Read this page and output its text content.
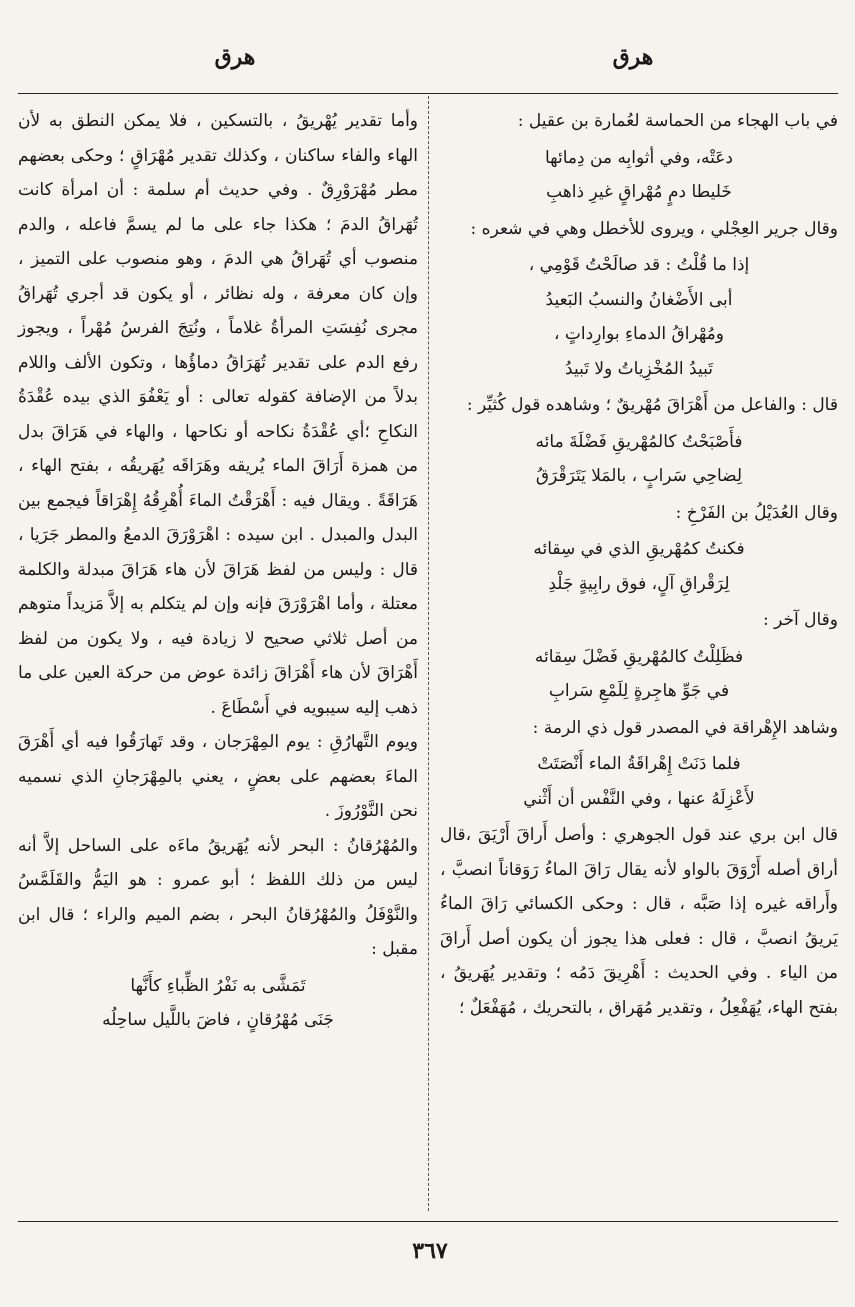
هرق
هرق

في باب الهجاء من الحماسة لعُمارة بن عقيل :

دعَتْه، وفي أثوابِه من دِمائها
خَليطا دمٍ مُهْراقٍ غيرِ ذاهبِ

وقال جرير العِجْلي ، ويروى للأخطل وهي في شعره :

إذا ما قُلْتُ : قد صالَحْتُ قَوْمِي ،
أبى الأَضْغانُ والنسبُ البَعيدُ
ومُهْراقُ الدماءِ بوارِداتٍ ،
تَبيدُ المُخْزِياتُ ولا تَبيدُ

قال : والفاعل من أَهْرَاقَ مُهْريقٌ ؛ وشاهده قول كُثيِّر :

فأَصْبَحْتُ كالمُهْريقِ فَضْلَةَ مائه
لِضاحِي سَرابٍ ، بالمَلا يَتَرَقْرَقُ

وقال العُدَيْلُ بن الفَرْخِ :

فكنتُ كمُهْريقِ الذي في سِقائه
لِرَقْراقِ آلٍ، فوق رابِيةٍ جَلْدِ

وقال آخر :

فظَلِلْتُ كالمُهْريقِ فَضْلَ سِقائه
في جَوِّ هاجِرةٍ لِلَمْعِ سَرابِ

وشاهد الإِهْراقة في المصدر قول ذي الرمة :

فلما دَنَتْ إِهْراقَةُ الماء أَنْصَتَتْ
لأَعْزِلَهُ عنها ، وفي النَّفْس أن أَثْني

قال ابن بري عند قول الجوهري : وأصل أَراقَ أَرْيَقَ ،قال أراق أصله أَرْوَقَ بالواو لأنه يقال رَاقَ الماءُ رَوَقاناً انصبَّ ، وأَراقه غيره إذا صَبَّه ، قال : وحكى الكسائي رَاقَ الماءُ يَريقُ انصبَّ ، قال : فعلى هذا يجوز أن يكون أصل أَراقَ من الياء . وفي الحديث : أَهْرِيقَ دَمُه ؛ وتقدير يُهَريقُ ، بفتح الهاء، يُهَفْعِلُ ، وتقدير مُهَراق ، بالتحريك ، مُهَفْعَلٌ ؛

وأما تقدير يُهْريقُ ، بالتسكين ، فلا يمكن النطق به لأن الهاء والفاء ساكنان ، وكذلك تقدير مُهْرَاقٍ ؛ وحكى بعضهم مطر مُهْرَوْرِقٌ . وفي حديث أم سلمة : أن امرأة كانت تُهَراقُ الدمَ ؛ هكذا جاء على ما لم يسمَّ فاعله ، والدم منصوب أي تُهَراقُ هي الدمَ ، وهو منصوب على التميز ، وإن كان معرفة ، وله نظائر ، أو يكون قد أجري تُهَراقُ مجرى نُفِسَتِ المرأةُ غلاماً ، ونُتِجَ الفرسُ مُهْراً ، ويجوز رفع الدم على تقدير تُهَرَاقُ دماؤُها ، وتكون الألف واللام بدلاً من الإضافة كقوله تعالى : أو يَعْفُوَ الذي بيده عُقْدَةُ النكاحِ ؛أي عُقْدَةُ نكاحه أو نكاحها ، والهاء في هَرَاقَ بدل من همزة أَرَاقَ الماء يُريقه وهَرَاقَه يُهَريقُه ، بفتح الهاء ، هَرَاقَةً . ويقال فيه : أَهْرَقْتُ الماءَ أُهْرِقُهُ إِهْرَاقاً فيجمع بين البدل والمبدل . ابن سيده : اهْرَوْرَقَ الدمعُ والمطر جَرَيا ، قال : وليس من لفظ هَرَاقَ لأن هاء هَرَاقَ مبدلة والكلمة معتلة ، وأما اهْرَوْرَقَ فإنه وإن لم يتكلم به إلاَّ مَزيداً متوهم من أصل ثلاثي صحيح لا زيادة فيه ، ولا يكون من لفظ أَهْرَاقَ لأن هاء أَهْرَاقَ زائدة عوض من حركة العين على ما ذهب إليه سيبويه في أَسْطَاعَ .

ويوم التَّهارُقِ : يوم المِهْرَجان ، وقد تَهارَقُوا فيه أي أَهْرَقَ الماءَ بعضهم على بعضٍ ، يعني بالمِهْرَجانِ الذي نسميه نحن النَّوْرُوزَ .

والمُهْرُقانُ : البحر لأنه يُهَريقُ ماءَه على الساحل إلاَّ أنه ليس من ذلك اللفظ ؛ أبو عمرو : هو اليَمُّ والقَلَمَّسُ والنَّوْفَلُ والمُهْرُقانُ البحر ، بضم الميم والراء ؛ قال ابن مقبل :

تَمَشَّى به نَفْرُ الظِّباءِ كأَنَّها
جَنَى مُهْرُقانٍ ، فاضَ باللَّيل ساحِلُه
٣٦٧
